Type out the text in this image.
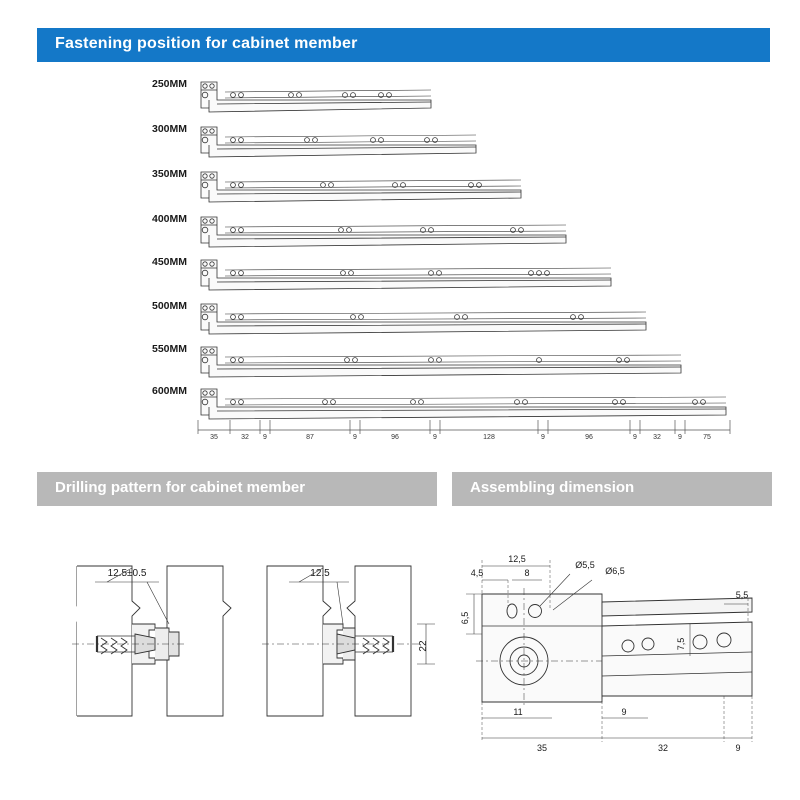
Fastening position for cabinet member
250MM
300MM
350MM
400MM
450MM
500MM
550MM
600MM
35	32 9	87	9	96	9	128	9	96	9 32 9	75
Drilling pattern for cabinet member
12.5±0.5	12.5
22
Assembling dimension
12,5
4,5	8
Ø5,5
Ø6,5
5,5
6,5
7,5
11	9
35	32	9
